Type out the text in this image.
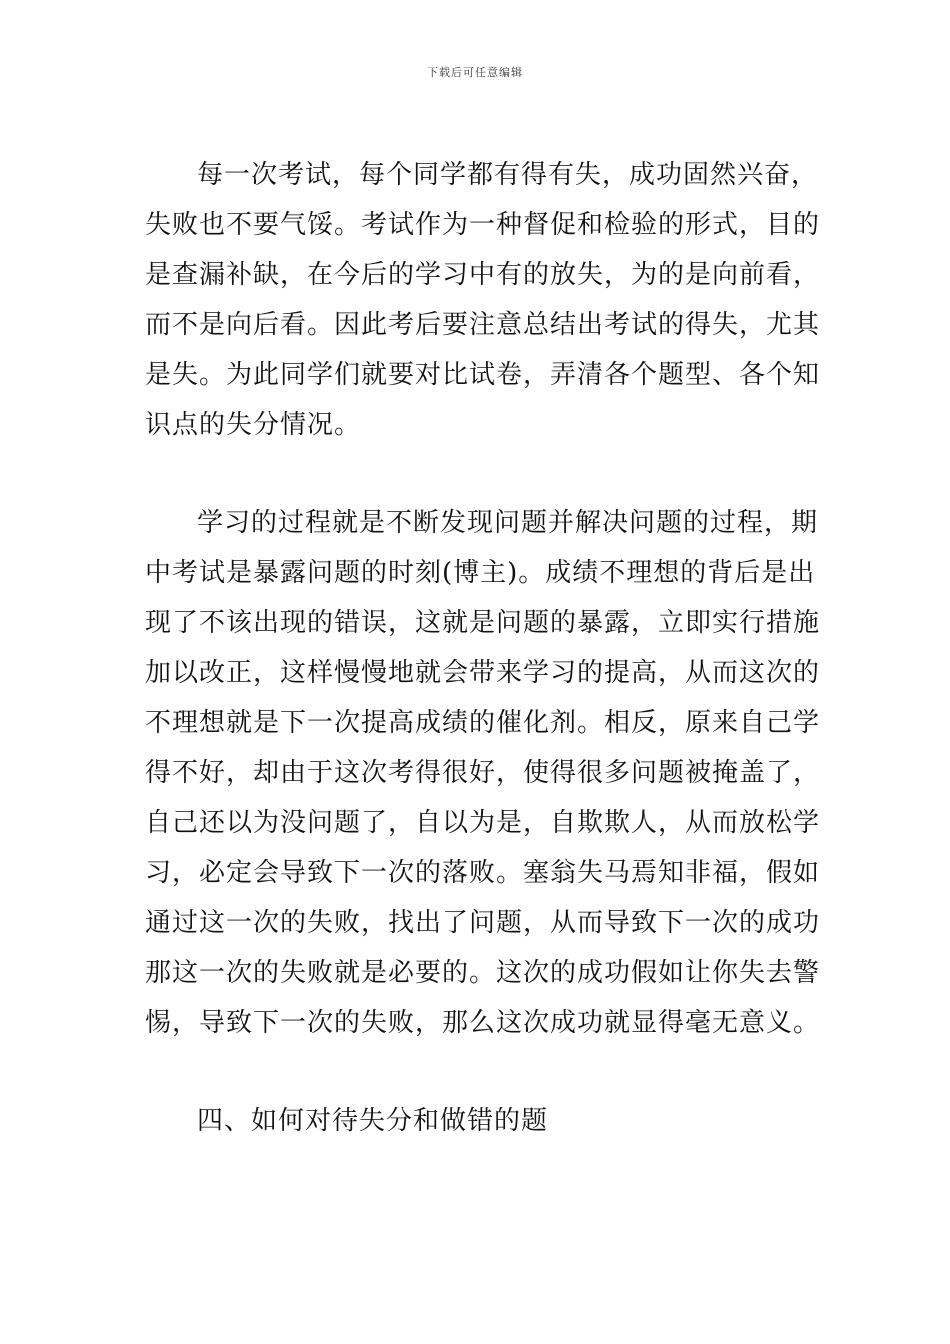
下载后可任意编辑
每一次考试，每个同学都有得有失，成功固然兴奋，
失败也不要气馁。考试作为一种督促和检验的形式，目的
是查漏补缺，在今后的学习中有的放失，为的是向前看，
而不是向后看。因此考后要注意总结出考试的得失，尤其
是失。为此同学们就要对比试卷，弄清各个题型、各个知
识点的失分情况。
学习的过程就是不断发现问题并解决问题的过程，期
中考试是暴露问题的时刻(博主)。成绩不理想的背后是出
现了不该出现的错误，这就是问题的暴露，立即实行措施
加以改正，这样慢慢地就会带来学习的提高，从而这次的
不理想就是下一次提高成绩的催化剂。相反，原来自己学
得不好，却由于这次考得很好，使得很多问题被掩盖了，
自己还以为没问题了，自以为是，自欺欺人，从而放松学
习，必定会导致下一次的落败。塞翁失马焉知非福，假如
通过这一次的失败，找出了问题，从而导致下一次的成功
那这一次的失败就是必要的。这次的成功假如让你失去警
惕，导致下一次的失败，那么这次成功就显得毫无意义。
四、如何对待失分和做错的题
